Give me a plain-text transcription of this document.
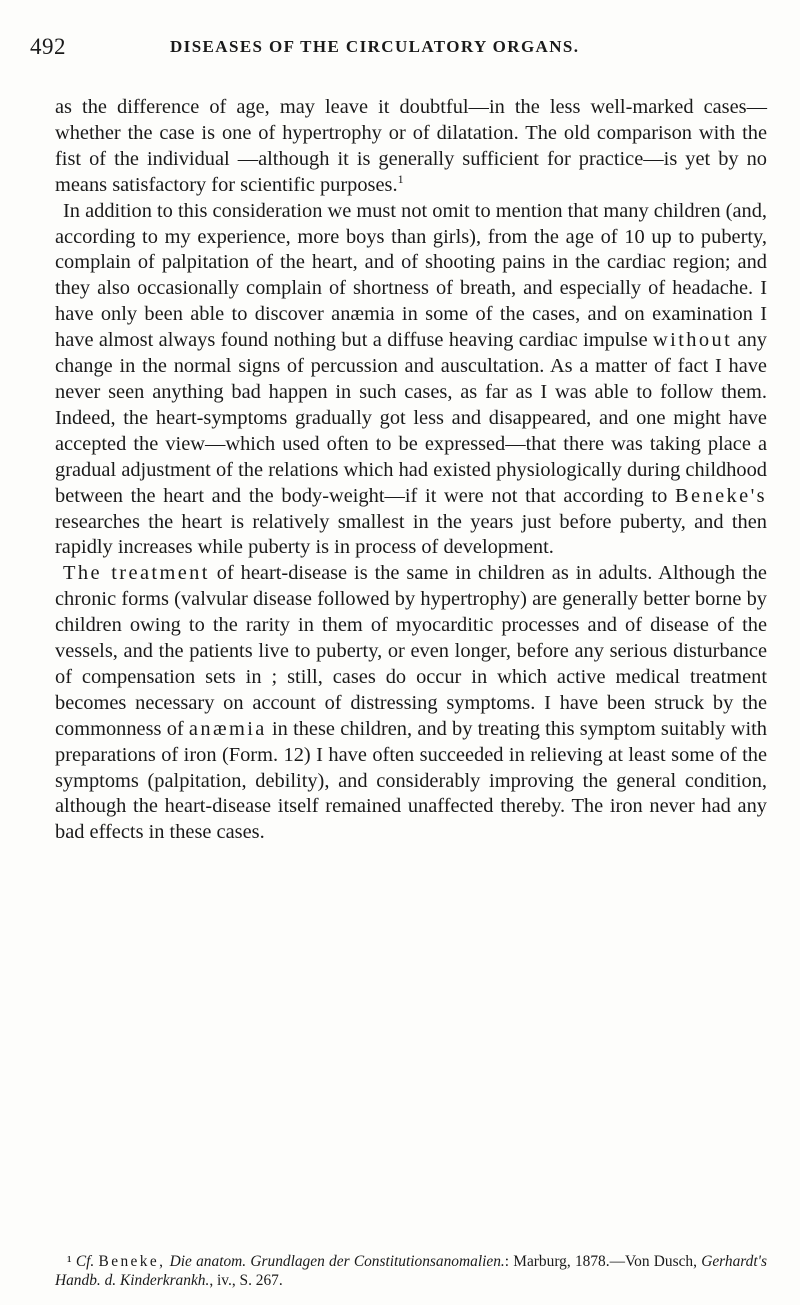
492	DISEASES OF THE CIRCULATORY ORGANS.

as the difference of age, may leave it doubtful—in the less well-marked cases—whether the case is one of hypertrophy or of dilatation. The old comparison with the fist of the individual —although it is generally sufficient for practice—is yet by no means satisfactory for scientific purposes.$^1$

In addition to this consideration we must not omit to mention that many children (and, according to my experience, more boys than girls), from the age of 10 up to puberty, complain of palpitation of the heart, and of shooting pains in the cardiac region; and they also occasionally complain of shortness of breath, and especially of headache. I have only been able to discover anæmia in some of the cases, and on examination I have almost always found nothing but a diffuse heaving cardiac impulse without any change in the normal signs of percussion and auscultation. As a matter of fact I have never seen anything bad happen in such cases, as far as I was able to follow them. Indeed, the heart-symptoms gradually got less and disappeared, and one might have accepted the view—which used often to be expressed—that there was taking place a gradual adjustment of the relations which had existed physiologically during childhood between the heart and the body-weight—if it were not that according to Beneke's researches the heart is relatively smallest in the years just before puberty, and then rapidly increases while puberty is in process of development.

The treatment of heart-disease is the same in children as in adults. Although the chronic forms (valvular disease followed by hypertrophy) are generally better borne by children owing to the rarity in them of myocarditic processes and of disease of the vessels, and the patients live to puberty, or even longer, before any serious disturbance of compensation sets in ; still, cases do occur in which active medical treatment becomes necessary on account of distressing symptoms. I have been struck by the commonness of anæmia in these children, and by treating this symptom suitably with preparations of iron (Form. 12) I have often succeeded in relieving at least some of the symptoms (palpitation, debility), and considerably improving the general condition, although the heart-disease itself remained unaffected thereby. The iron never had any bad effects in these cases.

¹ Cf. Beneke, Die anatom. Grundlagen der Constitutionsanomalien.: Marburg, 1878.—Von Dusch, Gerhardt's Handb. d. Kinderkrankh., iv., S. 267.
